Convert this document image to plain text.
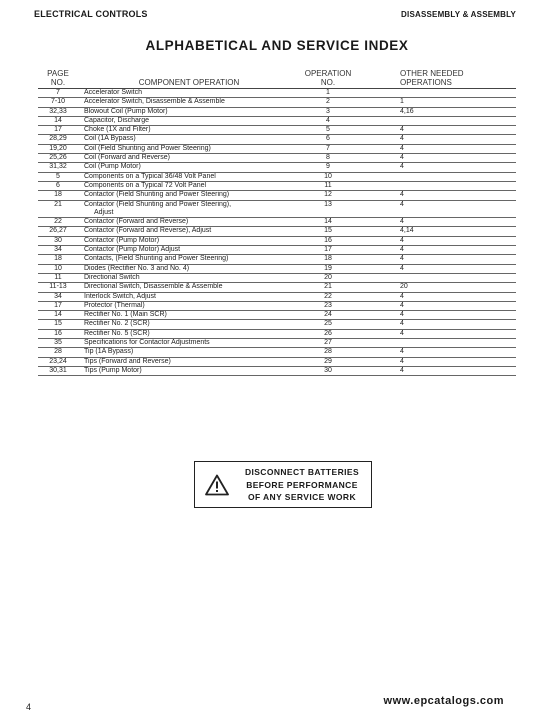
ELECTRICAL CONTROLS	DISASSEMBLY & ASSEMBLY
ALPHABETICAL AND SERVICE INDEX
PAGE
NO.	COMPONENT OPERATION	OPERATION
NO.	OTHER NEEDED OPERATIONS
7	Accelerator Switch	1	
7-10	Accelerator Switch, Disassemble & Assemble	2	1
32,33	Blowout Coil (Pump Motor)	3	4,16
14	Capacitor, Discharge	4	
17	Choke (1X and Filter)	5	4
28,29	Coil (1A Bypass)	6	4
19,20	Coil (Field Shunting and Power Steering)	7	4
25,26	Coil (Forward and Reverse)	8	4
31,32	Coil (Pump Motor)	9	4
5	Components on a Typical 36/48 Volt Panel	10	
6	Components on a Typical 72 Volt Panel	11	
18	Contactor (Field Shunting and Power Steering)	12	4
21	Contactor (Field Shunting and Power Steering),
Adjust	13	4
22	Contactor (Forward and Reverse)	14	4
26,27	Contactor (Forward and Reverse), Adjust	15	4,14
30	Contactor (Pump Motor)	16	4
34	Contactor (Pump Motor) Adjust	17	4
18	Contacts, (Field Shunting and Power Steering)	18	4
10	Diodes (Rectifier No. 3 and No. 4)	19	4
11	Directional Switch	20	
11-13	Directional Switch, Disassemble & Assemble	21	20
34	Interlock Switch, Adjust	22	4
17	Protector (Thermal)	23	4
14	Rectifier No. 1 (Main SCR)	24	4
15	Rectifier No. 2 (SCR)	25	4
16	Rectifier No. 5 (SCR)	26	4
35	Specifications for Contactor Adjustments	27	
28	Tip (1A Bypass)	28	4
23,24	Tips (Forward and Reverse)	29	4
30,31	Tips (Pump Motor)	30	4
DISCONNECT BATTERIES
BEFORE PERFORMANCE
OF ANY SERVICE WORK
4	www.epcatalogs.com
